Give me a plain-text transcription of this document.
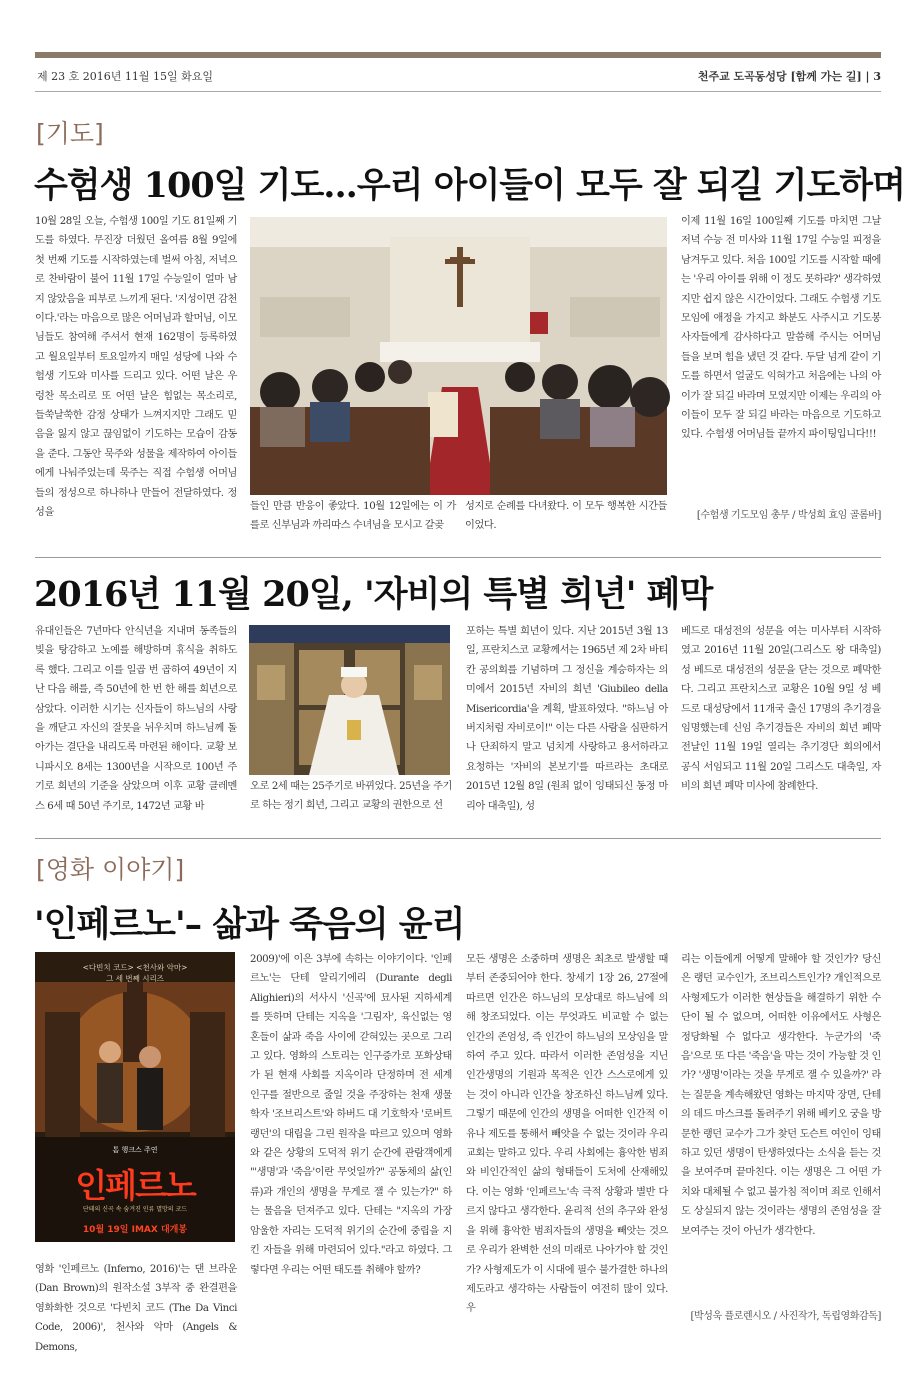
제 23 호 2016년 11월 15일 화요일	천주교 도곡동성당 [함께 가는 길] | 3
[기도]
수험생 100일 기도...우리 아이들이 모두 잘 되길 기도하며

10월 28일 오늘, 수험생 100일 기도 81일째 기도를 하였다. 무진장 더웠던 올여름 8월 9일에 첫 번째 기도를 시작하였는데 벌써 아침, 저녁으로 찬바람이 불어 11월 17일 수능일이 얼마 남지 않았음을 피부로 느끼게 된다. '지성이면 감천이다.'라는 마음으로 많은 어머님과 할머님, 이모님들도 참여해 주셔서 현재 162명이 등록하였고 월요일부터 토요일까지 매일 성당에 나와 수험생 기도와 미사를 드리고 있다. 어떤 날은 우렁찬 목소리로 또 어떤 날은 힘없는 목소리로, 들쑥날쑥한 감정 상태가 느껴지지만 그래도 믿음을 잃지 않고 끊임없이 기도하는 모습이 감동을 준다. 그동안 묵주와 성물을 제작하여 아이들에게 나눠주었는데 묵주는 직접 수험생 어머님들의 정성으로 하나하나 만들어 전달하였다. 정성을

들인 만큼 반응이 좋았다. 10월 12일에는 이 가를로 신부님과 까리따스 수녀님을 모시고 갈곶

성지로 순례를 다녀왔다. 이 모두 행복한 시간들이었다.

이제 11월 16일 100일째 기도를 마치면 그날 저녁 수능 전 미사와 11월 17일 수능일 피정을 남겨두고 있다. 처음 100일 기도를 시작할 때에는 '우리 아이를 위해 이 정도 못하랴?' 생각하였지만 쉽지 않은 시간이었다. 그래도 수험생 기도 모임에 애정을 가지고 화분도 사주시고 기도봉사자들에게 감사하다고 말씀해 주시는 어머님들을 보며 힘을 냈던 것 같다. 두달 넘게 같이 기도를 하면서 얼굴도 익혀가고 처음에는 나의 아이가 잘 되길 바라며 모였지만 이제는 우리의 아이들이 모두 잘 되길 바라는 마음으로 기도하고 있다. 수험생 어머님들 끝까지 파이팅입니다!!!

[수험생 기도모임 총무 / 박성희 효임 골롬바]
2016년 11월 20일, '자비의 특별 희년' 폐막

유대인들은 7년마다 안식년을 지내며 동족들의 빚을 탕감하고 노예를 해방하며 휴식을 취하도록 했다. 그리고 이를 일곱 번 곱하여 49년이 지난 다음 해를, 즉 50년에 한 번 한 해를 희년으로 삼았다. 이러한 시기는 신자들이 하느님의 사랑을 깨닫고 자신의 잘못을 뉘우치며 하느님께 돌아가는 결단을 내리도록 마련된 해이다. 교황 보니파시오 8세는 1300년을 시작으로 100년 주기로 희년의 기준을 삼았으며 이후 교황 클레멘스 6세 때 50년 주기로, 1472년 교황 바

오로 2세 때는 25주기로 바뀌었다. 25년을 주기로 하는 정기 희년, 그리고 교황의 권한으로 선

포하는 특별 희년이 있다. 지난 2015년 3월 13일, 프란치스코 교황께서는 1965년 제 2차 바티칸 공의회를 기념하며 그 정신을 계승하자는 의미에서 2015년 자비의 희년 'Giubileo della Misericordia'을 계획, 발표하였다. "하느님 아버지처럼 자비로이!" 이는 다른 사람을 심판하거나 단죄하지 말고 넘치게 사랑하고 용서하라고 요청하는 '자비의 본보기'를 따르라는 초대로 2015년 12월 8일 (원죄 없이 잉태되신 동정 마리아 대축일), 성

베드로 대성전의 성문을 여는 미사부터 시작하였고 2016년 11월 20일(그리스도 왕 대축일) 성 베드로 대성전의 성문을 닫는 것으로 폐막한다. 그리고 프란치스코 교황은 10월 9일 성 베드로 대성당에서 11개국 출신 17명의 추기경을 임명했는데 신임 추기경들은 자비의 희년 폐막 전날인 11월 19일 열리는 추기경단 회의에서 공식 서임되고 11월 20일 그리스도 대축일, 자비의 희년 폐막 미사에 참례한다.

[영화 이야기]
'인페르노'– 삶과 죽음의 윤리
<다빈치 코드> <천사와 악마>
그 세 번째 시리즈
톰 행크스 주연
인페르노
단테의 신곡 속 숨겨진 인류 멸망의 코드
10월 19일 IMAX 대개봉

영화 '인페르노 (Inferno, 2016)'는 댄 브라운 (Dan Brown)의 원작소설 3부작 중 완결편을 영화화한 것으로 '다빈치 코드 (The Da Vinci Code, 2006)', 천사와 악마 (Angels & Demons,

2009)'에 이은 3부에 속하는 이야기이다. '인페르노'는 단테 알리기에리 (Durante degli Alighieri)의 서사시 '신곡'에 묘사된 지하세계를 뜻하며 단테는 지옥을 '그림자', 육신없는 영혼들이 삶과 죽음 사이에 갇혀있는 곳으로 그리고 있다. 영화의 스토리는 인구증가로 포화상태가 된 현재 사회를 지옥이라 단정하며 전 세계 인구를 절반으로 줄일 것을 주장하는 천재 생물학자 '조브리스트'와 하버드 대 기호학자 '로버트 랭던'의 대립을 그린 원작을 따르고 있으며 영화와 같은 상황의 도덕적 위기 순간에 관람객에게 "'생명'과 '죽음'이란 무엇일까?" 공동체의 삶(인류)과 개인의 생명을 무게로 잴 수 있는가?" 하는 물음을 던져주고 있다. 단테는 "지옥의 가장 암울한 자리는 도덕적 위기의 순간에 중립을 지킨 자들을 위해 마련되어 있다."라고 하였다. 그렇다면 우리는 어떤 태도를 취해야 할까?

모든 생명은 소중하며 생명은 최초로 발생할 때부터 존중되어야 한다. 창세기 1장 26, 27절에 따르면 인간은 하느님의 모상대로 하느님에 의해 창조되었다. 이는 무엇과도 비교할 수 없는 인간의 존엄성, 즉 인간이 하느님의 모상임을 말하여 주고 있다. 따라서 이러한 존엄성을 지닌 인간생명의 기원과 목적은 인간 스스로에게 있는 것이 아니라 인간을 창조하신 하느님께 있다. 그렇기 때문에 인간의 생명을 어떠한 인간적 이유나 제도를 통해서 빼앗을 수 없는 것이라 우리 교회는 말하고 있다. 우리 사회에는 흉악한 범죄와 비인간적인 삶의 형태들이 도처에 산재해있다. 이는 영화 '인페르노'속 극적 상황과 별반 다르지 않다고 생각한다. 윤리적 선의 추구와 완성을 위해 흉악한 범죄자들의 생명을 빼앗는 것으로 우리가 완벽한 선의 미래로 나아가야 할 것인가? 사형제도가 이 시대에 필수 불가결한 하나의 제도라고 생각하는 사람들이 여전히 많이 있다. 우

리는 이들에게 어떻게 말해야 할 것인가? 당신은 랭던 교수인가, 조브리스트인가? 개인적으로 사형제도가 이러한 현상들을 해결하기 위한 수단이 될 수 없으며, 어떠한 이유에서도 사형은 정당화될 수 없다고 생각한다. 누군가의 '죽음'으로 또 다른 '죽음'을 막는 것이 가능할 것 인가? '생명'이라는 것을 무게로 잴 수 있을까?' 라는 질문을 계속해왔던 영화는 마지막 장면, 단테의 데드 마스크를 돌려주기 위해 베키오 궁을 방문한 랭던 교수가 그가 찾던 도슨트 여인이 잉태하고 있던 생명이 탄생하였다는 소식을 듣는 것을 보여주며 끝마친다. 이는 생명은 그 어떤 가치와 대체될 수 없고 불가침 적이며 죄로 인해서도 상실되지 않는 것이라는 생명의 존엄성을 잘 보여주는 것이 아닌가 생각한다.

[박성욱 플로렌시오 / 사진작가, 독립영화감독]
